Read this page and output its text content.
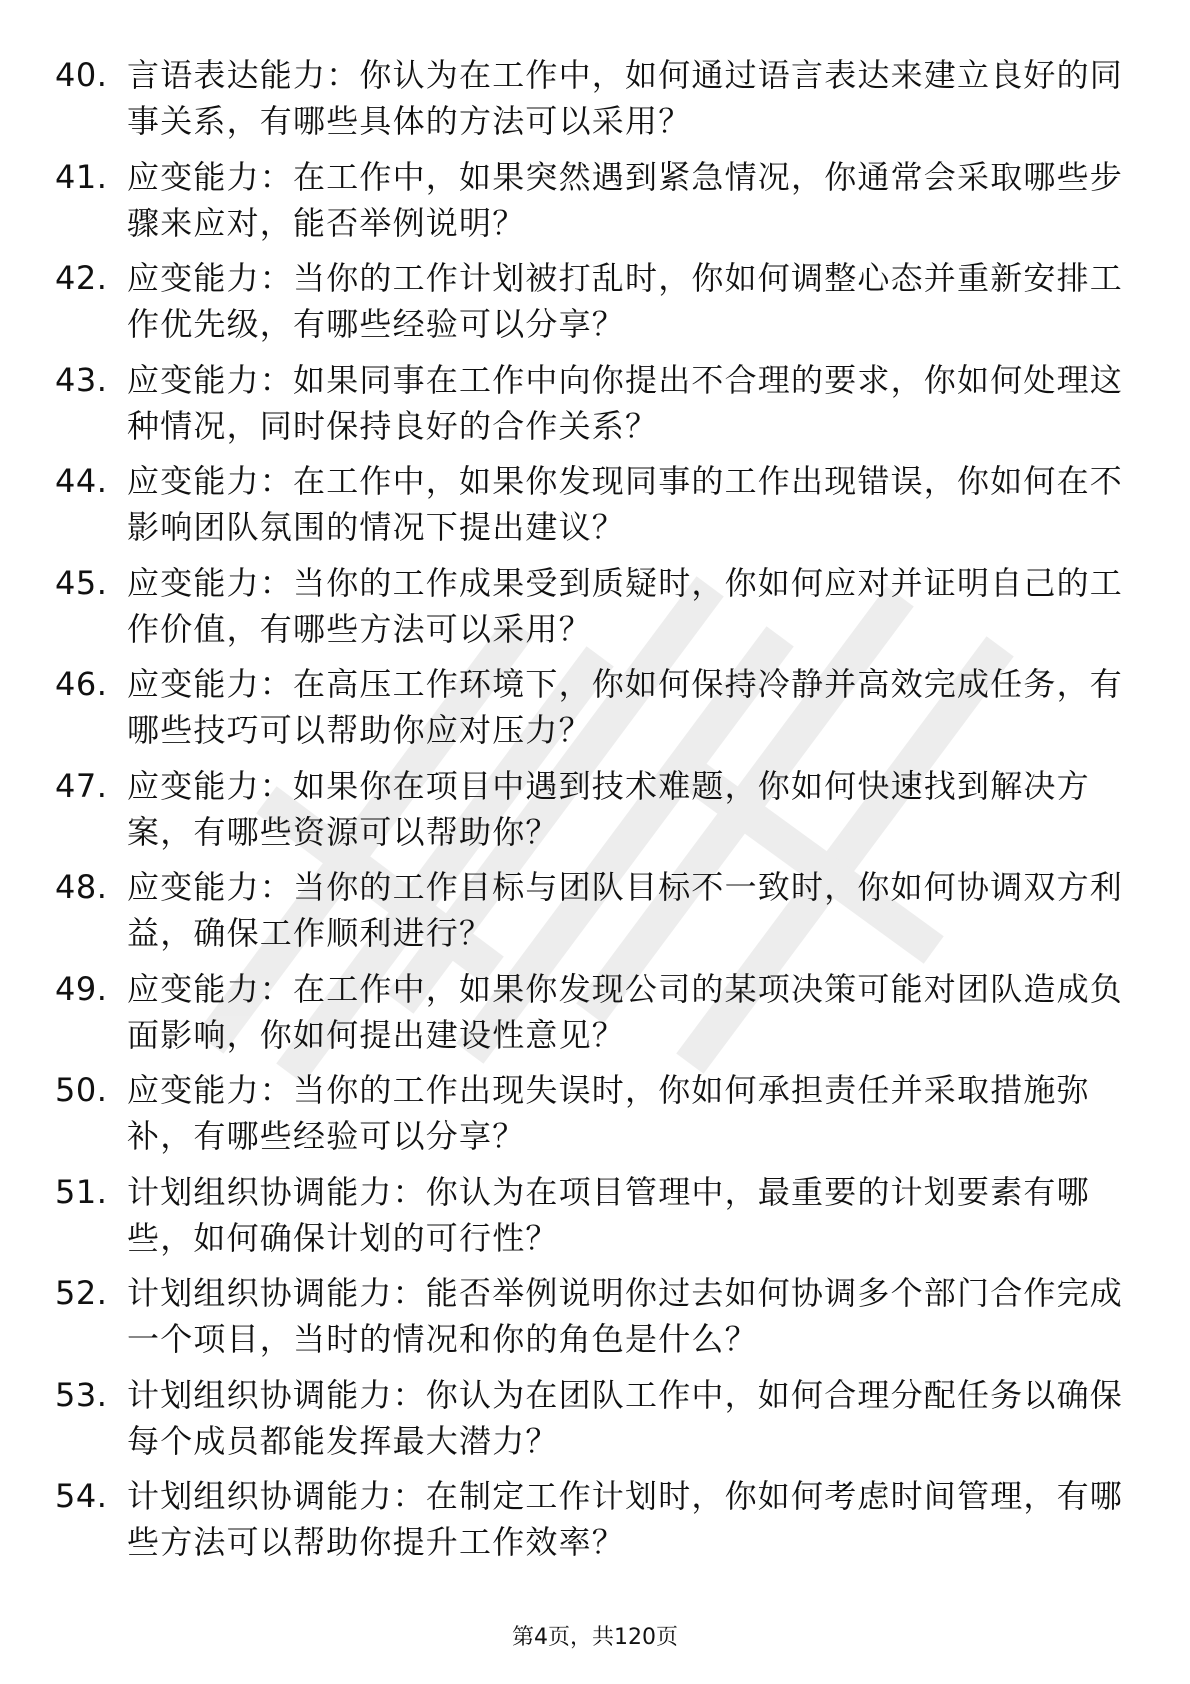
40. 言语表达能力：你认为在工作中，如何通过语言表达来建立良好的同事关系，有哪些具体的方法可以采用？
41. 应变能力：在工作中，如果突然遇到紧急情况，你通常会采取哪些步骤来应对，能否举例说明？
42. 应变能力：当你的工作计划被打乱时，你如何调整心态并重新安排工作优先级，有哪些经验可以分享？
43. 应变能力：如果同事在工作中向你提出不合理的要求，你如何处理这种情况，同时保持良好的合作关系？
44. 应变能力：在工作中，如果你发现同事的工作出现错误，你如何在不影响团队氛围的情况下提出建议？
45. 应变能力：当你的工作成果受到质疑时，你如何应对并证明自己的工作价值，有哪些方法可以采用？
46. 应变能力：在高压工作环境下，你如何保持冷静并高效完成任务，有哪些技巧可以帮助你应对压力？
47. 应变能力：如果你在项目中遇到技术难题，你如何快速找到解决方案，有哪些资源可以帮助你？
48. 应变能力：当你的工作目标与团队目标不一致时，你如何协调双方利益，确保工作顺利进行？
49. 应变能力：在工作中，如果你发现公司的某项决策可能对团队造成负面影响，你如何提出建设性意见？
50. 应变能力：当你的工作出现失误时，你如何承担责任并采取措施弥补，有哪些经验可以分享？
51. 计划组织协调能力：你认为在项目管理中，最重要的计划要素有哪些，如何确保计划的可行性？
52. 计划组织协调能力：能否举例说明你过去如何协调多个部门合作完成一个项目，当时的情况和你的角色是什么？
53. 计划组织协调能力：你认为在团队工作中，如何合理分配任务以确保每个成员都能发挥最大潜力？
54. 计划组织协调能力：在制定工作计划时，你如何考虑时间管理，有哪些方法可以帮助你提升工作效率？
第4页，共120页
